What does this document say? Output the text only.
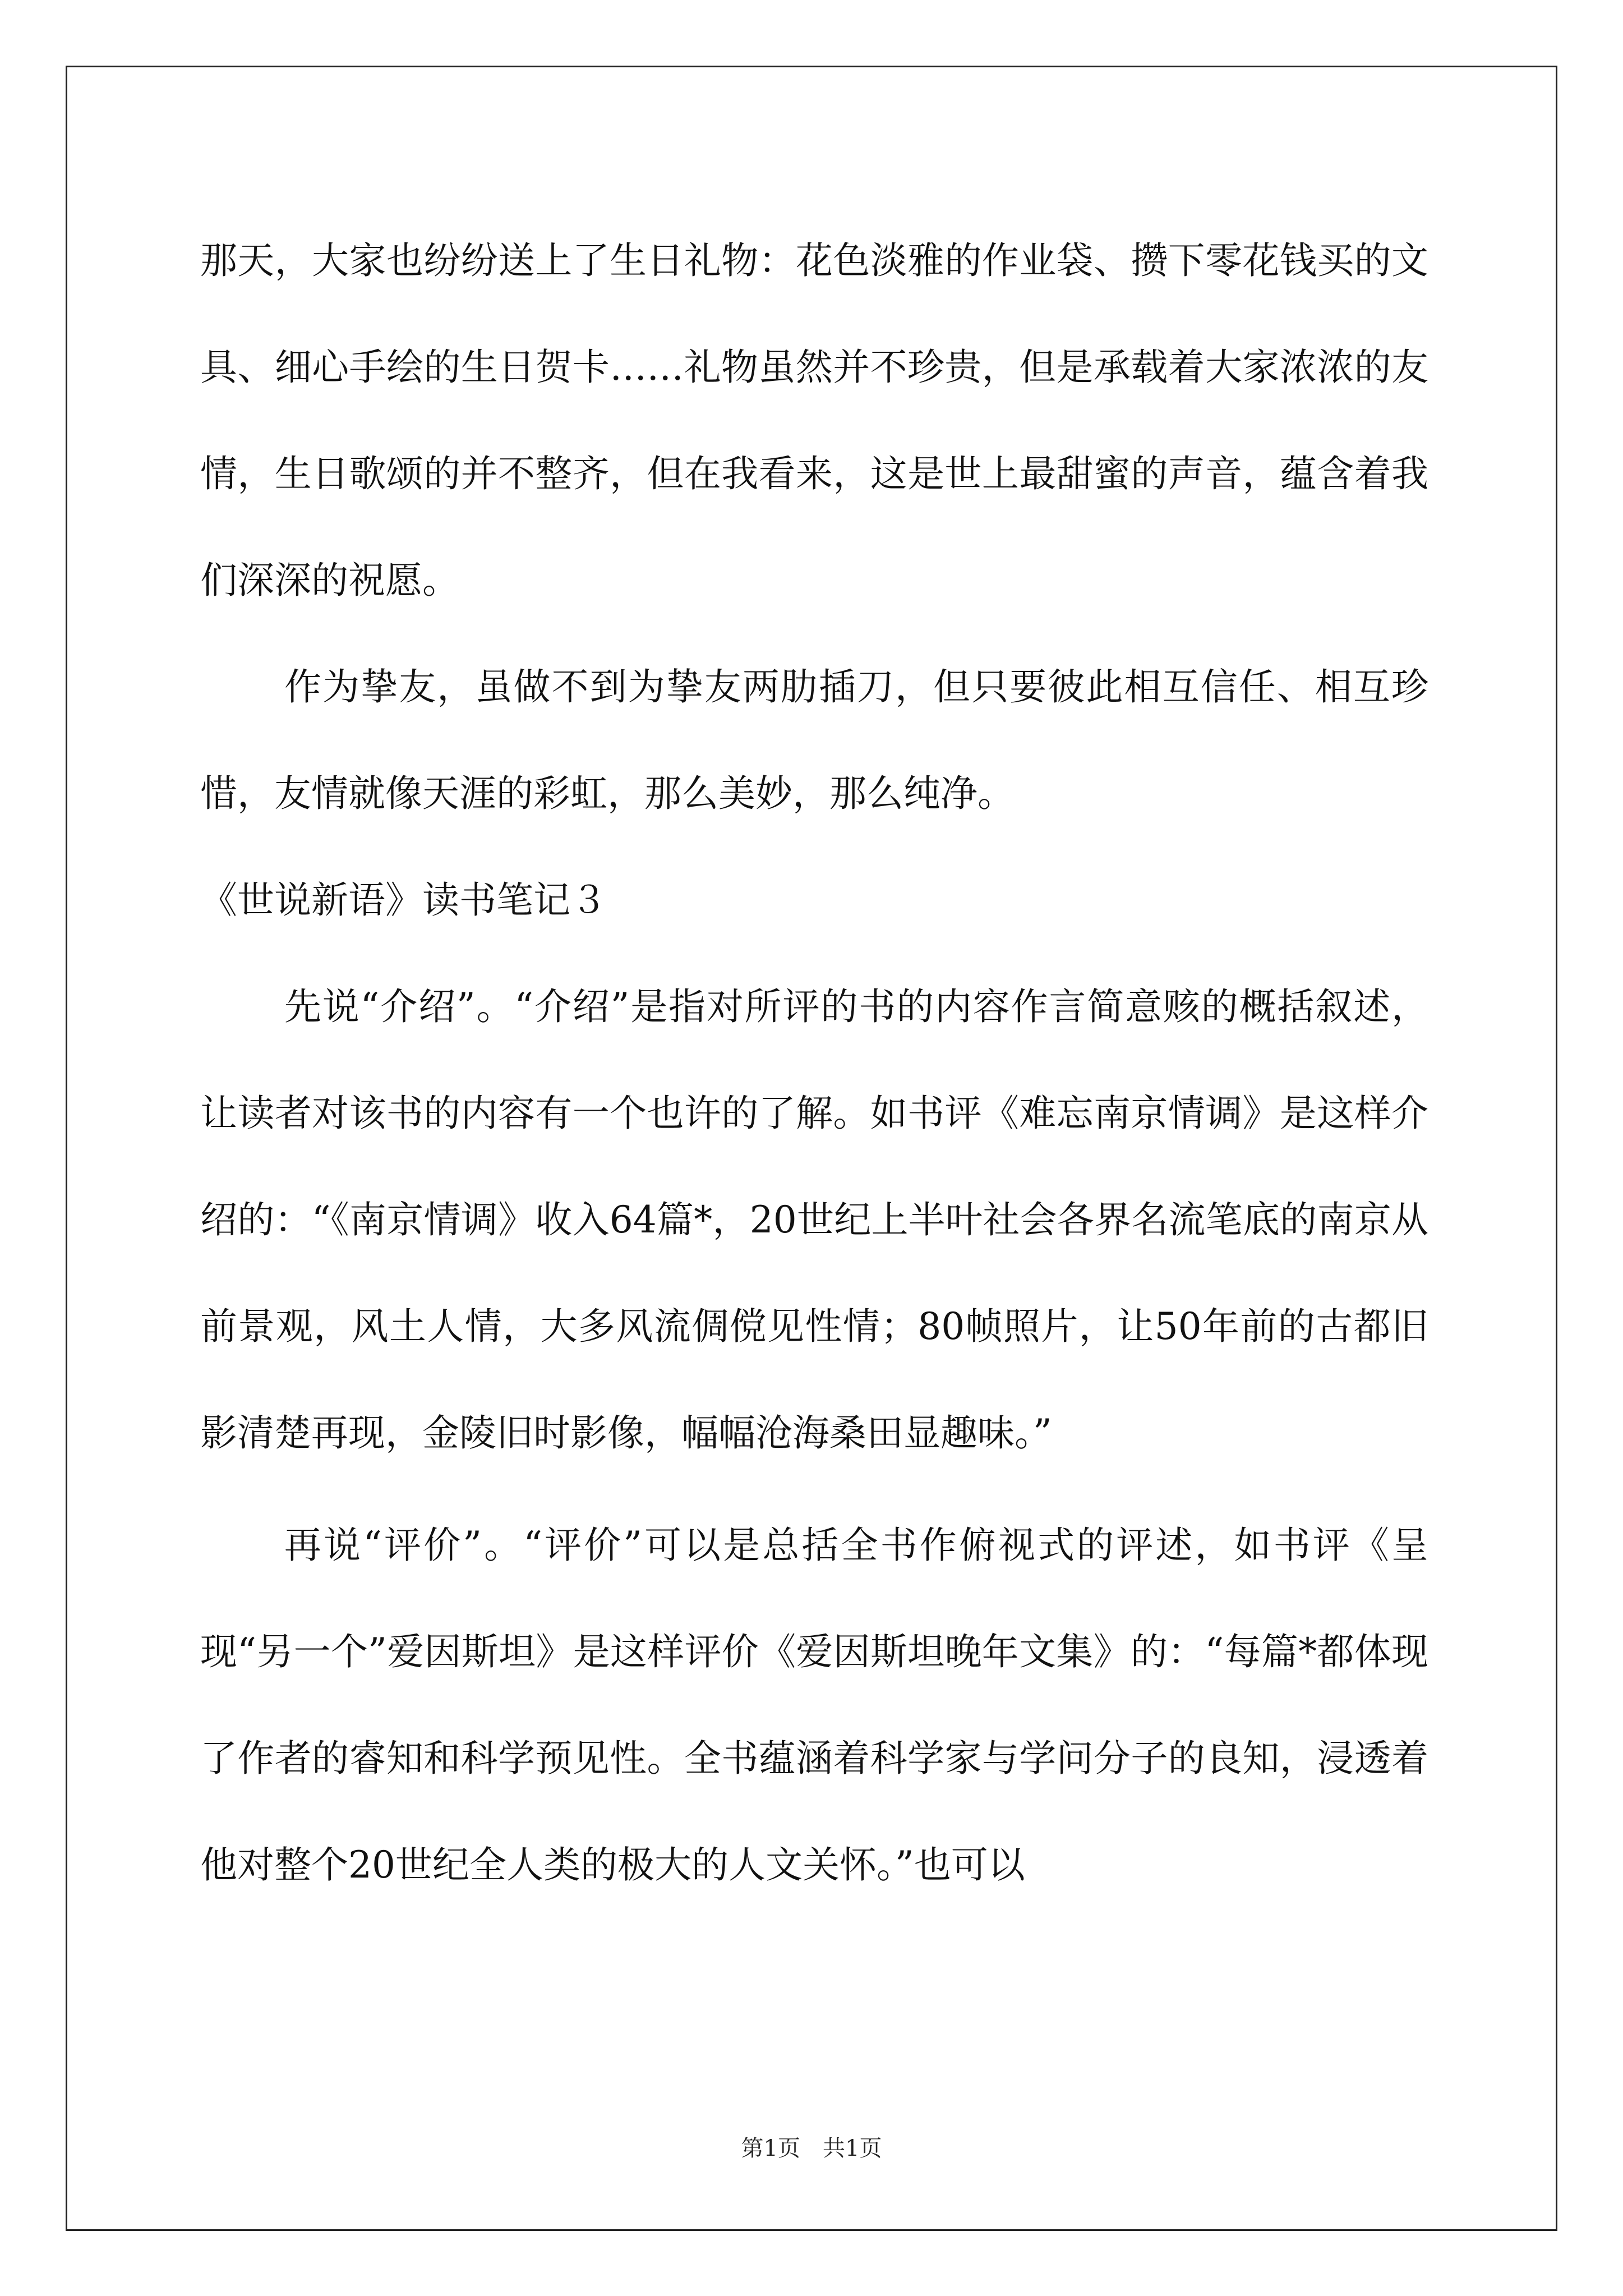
那天，大家也纷纷送上了生日礼物：花色淡雅的作业袋、攒下零花钱买的文具、细心手绘的生日贺卡……礼物虽然并不珍贵，但是承载着大家浓浓的友情，生日歌颂的并不整齐，但在我看来，这是世上最甜蜜的声音，蕴含着我们深深的祝愿。

作为挚友，虽做不到为挚友两肋插刀，但只要彼此相互信任、相互珍惜，友情就像天涯的彩虹，那么美妙，那么纯净。

《世说新语》读书笔记３

先说“介绍”。“介绍”是指对所评的书的内容作言简意赅的概括叙述，让读者对该书的内容有一个也许的了解。如书评《难忘南京情调》是这样介绍的：“《南京情调》收入64篇*，20世纪上半叶社会各界名流笔底的南京从前景观，风土人情，大多风流倜傥见性情；80帧照片，让50年前的古都旧影清楚再现，金陵旧时影像，幅幅沧海桑田显趣味。”

再说“评价”。“评价”可以是总括全书作俯视式的评述，如书评《呈现“另一个”爱因斯坦》是这样评价《爱因斯坦晚年文集》的：“每篇*都体现了作者的睿知和科学预见性。全书蕴涵着科学家与学问分子的良知，浸透着他对整个20世纪全人类的极大的人文关怀。”也可以

第1页　共1页
